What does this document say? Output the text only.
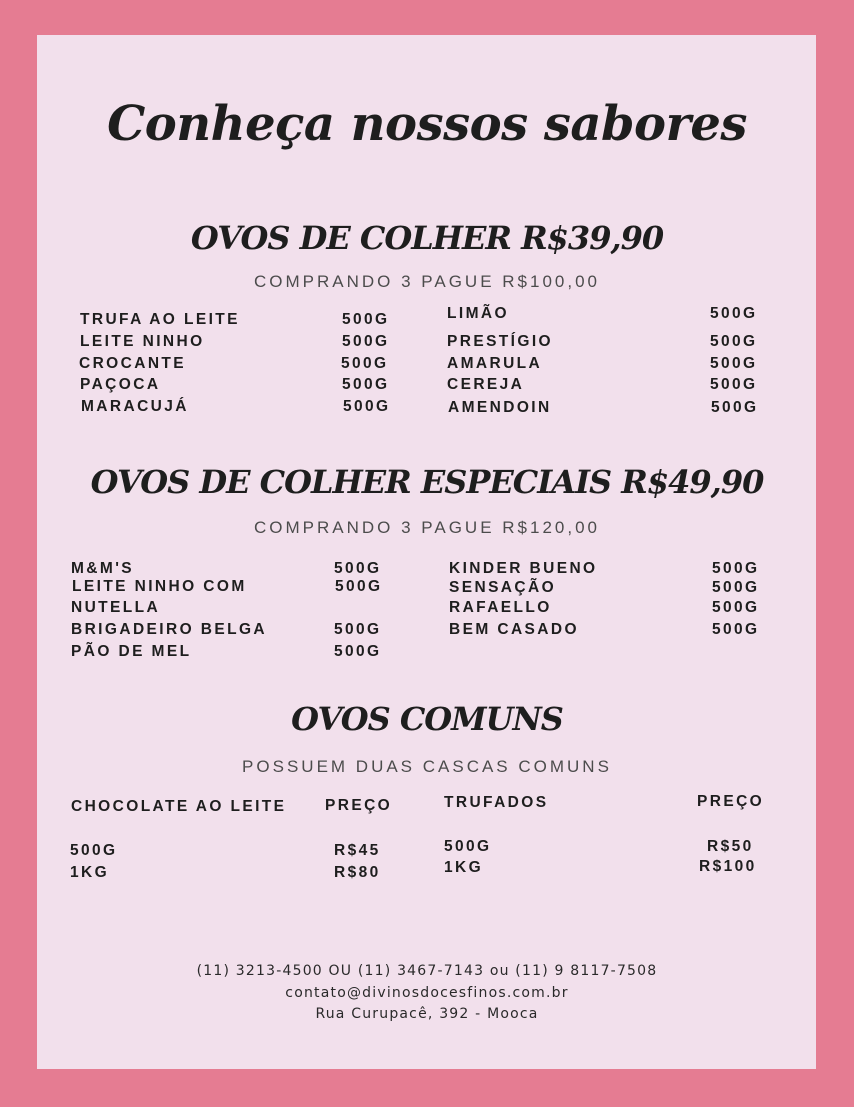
Conheça nossos sabores
OVOS DE COLHER R$39,90
COMPRANDO 3 PAGUE R$100,00
TRUFA AO LEITE	500G
LEITE NINHO	500G
CROCANTE	500G
PAÇOCA	500G
MARACUJÁ	500G
LIMÃO	500G
PRESTÍGIO	500G
AMARULA	500G
CEREJA	500G
AMENDOIN	500G
OVOS DE COLHER ESPECIAIS R$49,90
COMPRANDO 3 PAGUE R$120,00
M&M'S	500G
LEITE NINHO COM	500G
NUTELLA
BRIGADEIRO BELGA	500G
PÃO DE MEL	500G
KINDER BUENO	500G
SENSAÇÃO	500G
RAFAELLO	500G
BEM CASADO	500G
OVOS COMUNS
POSSUEM DUAS CASCAS COMUNS
CHOCOLATE AO LEITE PREÇO
500G	R$45
1KG	R$80
TRUFADOS	PREÇO
500G	R$50
1KG	R$100
(11) 3213-4500 OU (11) 3467-7143 ou (11) 9 8117-7508
contato@divinosdocesfinos.com.br
Rua Curupacê, 392 - Mooca
